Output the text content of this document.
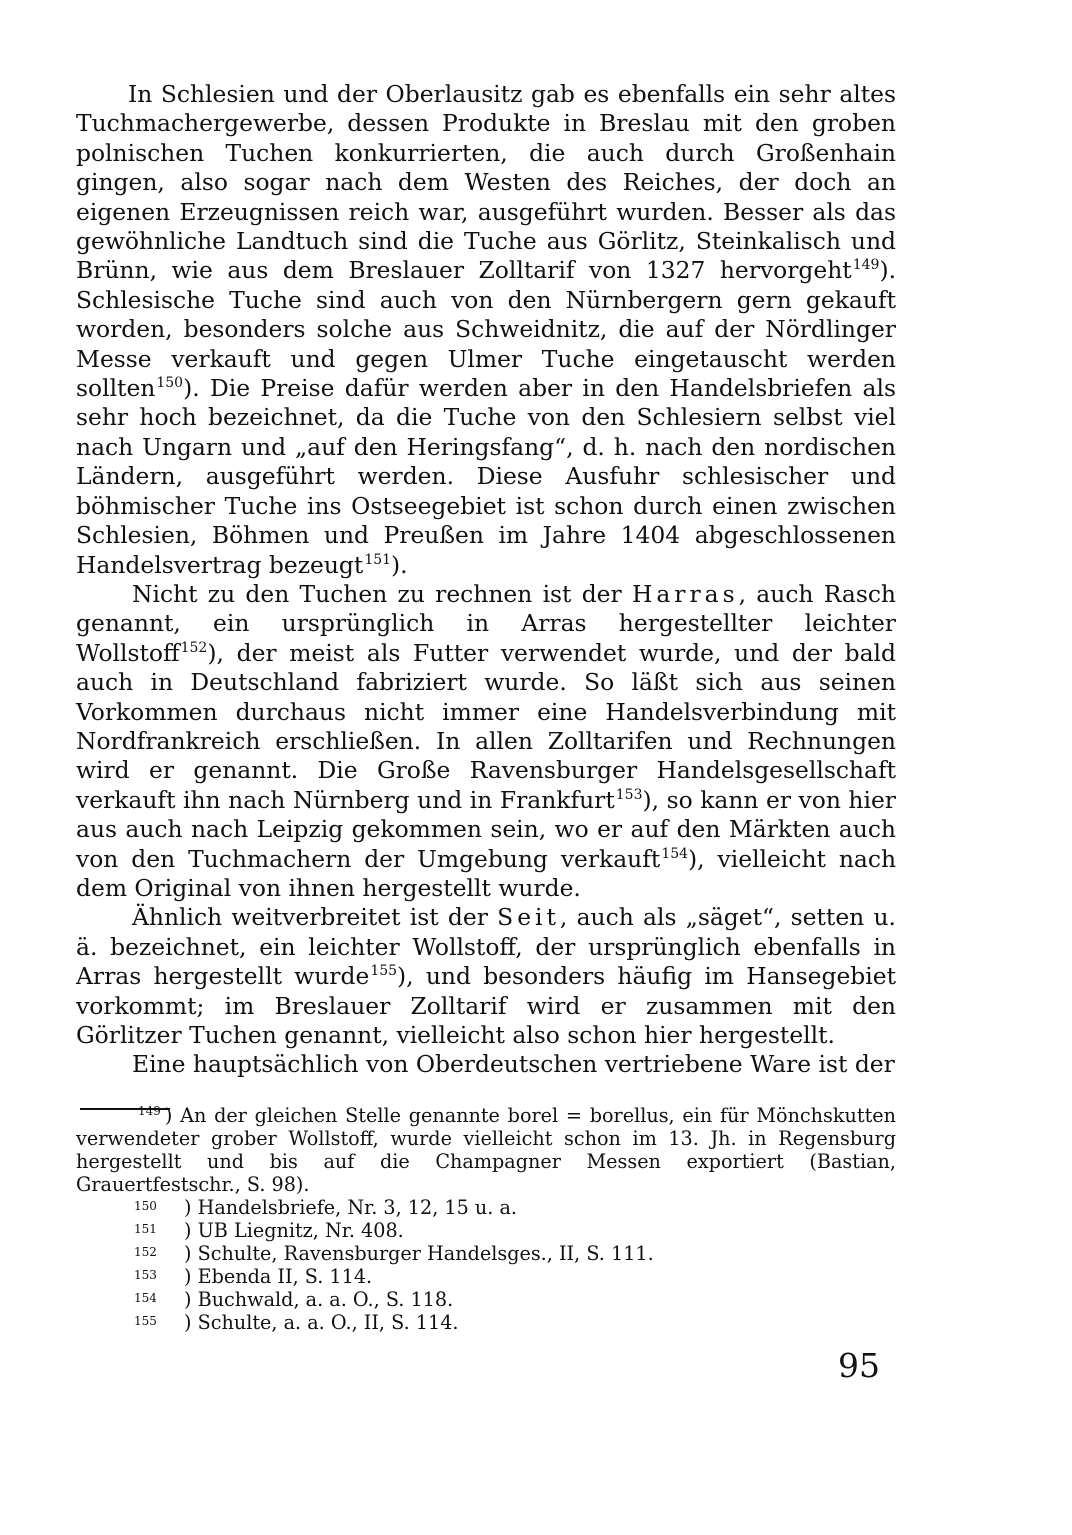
In Schlesien und der Oberlausitz gab es ebenfalls ein sehr altes Tuchmachergewerbe, dessen Produkte in Breslau mit den groben polnischen Tuchen konkurrierten, die auch durch Großenhain gingen, also sogar nach dem Westen des Reiches, der doch an eigenen Erzeugnissen reich war, ausgeführt wurden. Besser als das gewöhnliche Landtuch sind die Tuche aus Görlitz, Steinkalisch und Brünn, wie aus dem Breslauer Zolltarif von 1327 hervorgeht$^{149}$). Schlesische Tuche sind auch von den Nürnbergern gern gekauft worden, besonders solche aus Schweidnitz, die auf der Nördlinger Messe verkauft und gegen Ulmer Tuche eingetauscht werden sollten$^{150}$). Die Preise dafür werden aber in den Handelsbriefen als sehr hoch bezeichnet, da die Tuche von den Schlesiern selbst viel nach Ungarn und „auf den Heringsfang“, d. h. nach den nordischen Ländern, ausgeführt werden. Diese Ausfuhr schlesischer und böhmischer Tuche ins Ostseegebiet ist schon durch einen zwischen Schlesien, Böhmen und Preußen im Jahre 1404 abgeschlossenen Handelsvertrag bezeugt$^{151}$).

Nicht zu den Tuchen zu rechnen ist der Harras, auch Rasch genannt, ein ursprünglich in Arras hergestellter leichter Wollstoff$^{152}$), der meist als Futter verwendet wurde, und der bald auch in Deutschland fabriziert wurde. So läßt sich aus seinen Vorkommen durchaus nicht immer eine Handelsverbindung mit Nordfrankreich erschließen. In allen Zolltarifen und Rechnungen wird er genannt. Die Große Ravensburger Handelsgesellschaft verkauft ihn nach Nürnberg und in Frankfurt$^{153}$), so kann er von hier aus auch nach Leipzig gekommen sein, wo er auf den Märkten auch von den Tuchmachern der Umgebung verkauft$^{154}$), vielleicht nach dem Original von ihnen hergestellt wurde.

Ähnlich weitverbreitet ist der Seit, auch als „säget“, setten u. ä. bezeichnet, ein leichter Wollstoff, der ursprünglich ebenfalls in Arras hergestellt wurde$^{155}$), und besonders häufig im Hansegebiet vorkommt; im Breslauer Zolltarif wird er zusammen mit den Görlitzer Tuchen genannt, vielleicht also schon hier hergestellt.

Eine hauptsächlich von Oberdeutschen vertriebene Ware ist der

$^{149}$ ) An der gleichen Stelle genannte borel = borellus, ein für Mönchskutten verwendeter grober Wollstoff, wurde vielleicht schon im 13. Jh. in Regensburg hergestellt und bis auf die Champagner Messen exportiert (Bastian, Grauertfestschr., S. 98).
150 ) Handelsbriefe, Nr. 3, 12, 15 u. a.
151 ) UB Liegnitz, Nr. 408.
152 ) Schulte, Ravensburger Handelsges., II, S. 111.
153 ) Ebenda II, S. 114.
154 ) Buchwald, a. a. O., S. 118.
155 ) Schulte, a. a. O., II, S. 114.
95
